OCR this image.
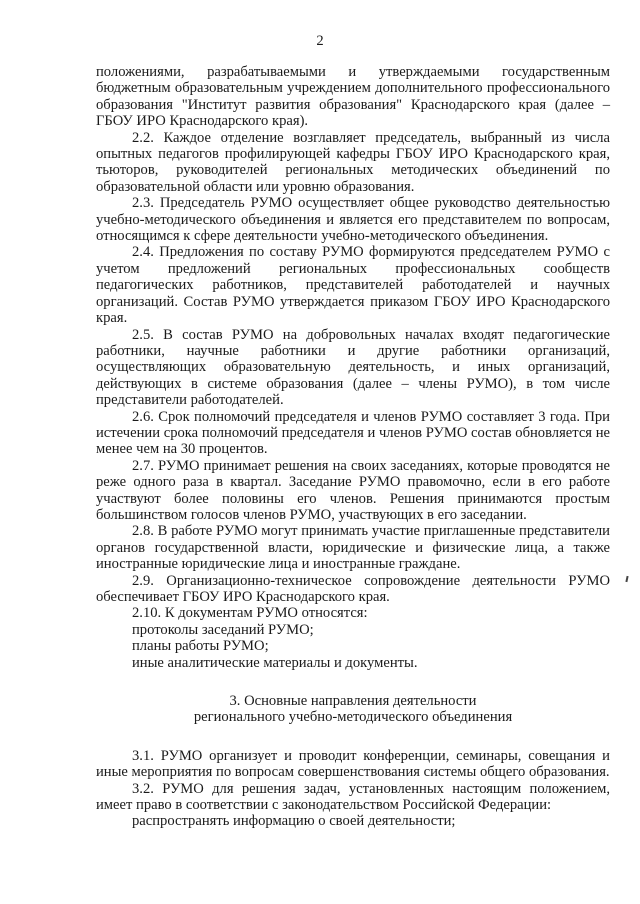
2

положениями, разрабатываемыми и утверждаемыми государственным бюджетным образовательным учреждением дополнительного профессионального образования "Институт развития образования" Краснодарского края (далее – ГБОУ ИРО Краснодарского края).

2.2. Каждое отделение возглавляет председатель, выбранный из числа опытных педагогов профилирующей кафедры ГБОУ ИРО Краснодарского края, тьюторов, руководителей региональных методических объединений по образовательной области или уровню образования.

2.3. Председатель РУМО осуществляет общее руководство деятельностью учебно-методического объединения и является его представителем по вопросам, относящимся к сфере деятельности учебно-методического объединения.

2.4. Предложения по составу РУМО формируются председателем РУМО с учетом предложений региональных профессиональных сообществ педагогических работников, представителей работодателей и научных организаций. Состав РУМО утверждается приказом ГБОУ ИРО Краснодарского края.

2.5. В состав РУМО на добровольных началах входят педагогические работники, научные работники и другие работники организаций, осуществляющих образовательную деятельность, и иных организаций, действующих в системе образования (далее – члены РУМО), в том числе представители работодателей.

2.6. Срок полномочий председателя и членов РУМО составляет 3 года. При истечении срока полномочий председателя и членов РУМО состав обновляется не менее чем на 30 процентов.

2.7. РУМО принимает решения на своих заседаниях, которые проводятся не реже одного раза в квартал. Заседание РУМО правомочно, если в его работе участвуют более половины его членов. Решения принимаются простым большинством голосов членов РУМО, участвующих в его заседании.

2.8. В работе РУМО могут принимать участие приглашенные представители органов государственной власти, юридические и физические лица, а также иностранные юридические лица и иностранные граждане.

2.9. Организационно-техническое сопровождение деятельности РУМО обеспечивает ГБОУ ИРО Краснодарского края.

2.10. К документам РУМО относятся:

протоколы заседаний РУМО;

планы работы РУМО;

иные аналитические материалы и документы.

3. Основные направления деятельности
регионального учебно-методического объединения

3.1. РУМО организует и проводит конференции, семинары, совещания и иные мероприятия по вопросам совершенствования системы общего образования.

3.2. РУМО для решения задач, установленных настоящим положением, имеет право в соответствии с законодательством Российской Федерации:

распространять информацию о своей деятельности;
